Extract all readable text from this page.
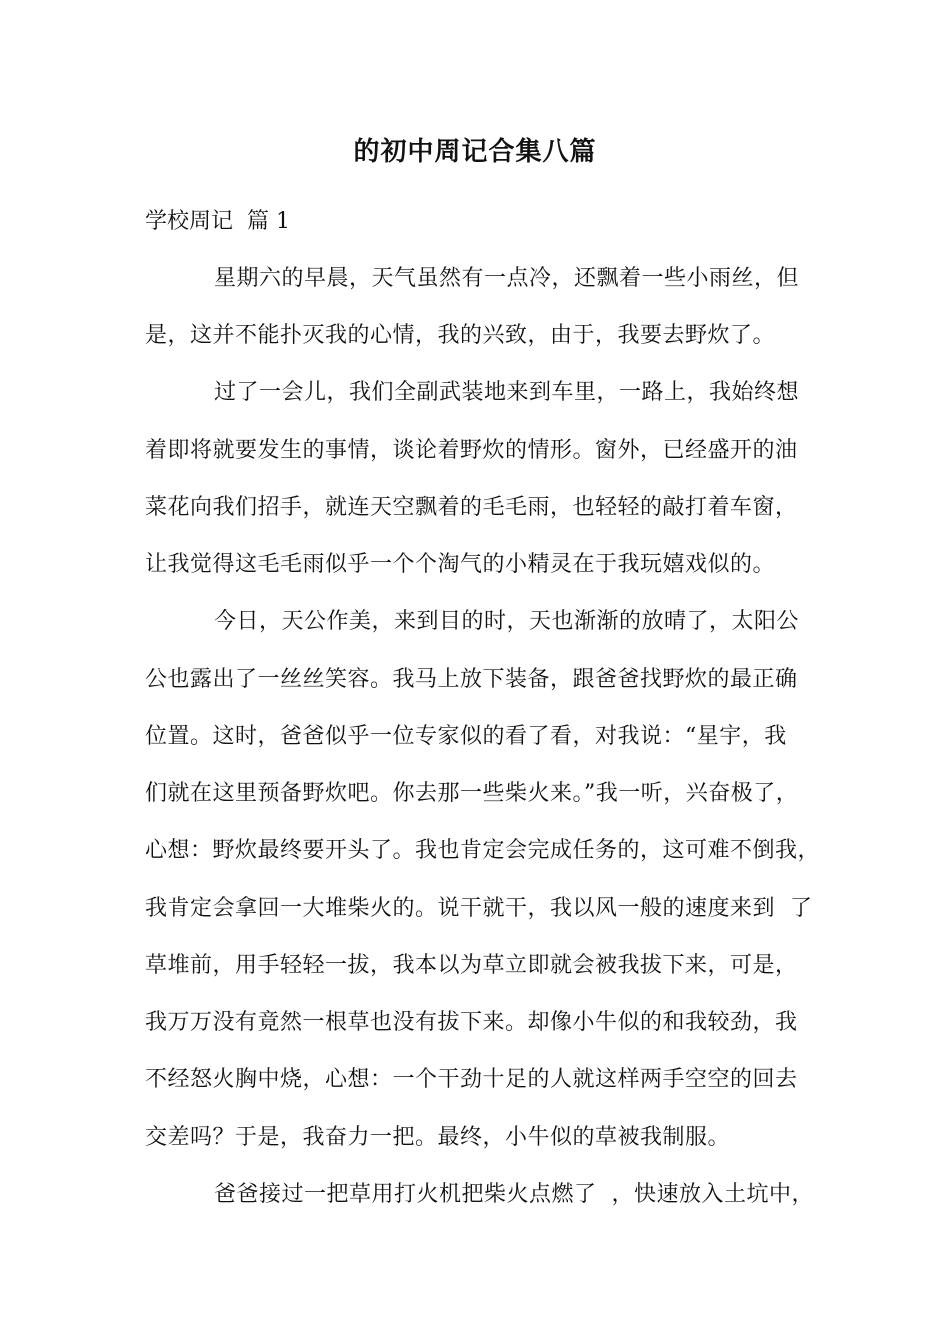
的初中周记合集八篇
学校周记  篇 1
星期六的早晨，天气虽然有一点冷，还飘着一些小雨丝，但
是，这并不能扑灭我的心情，我的兴致，由于，我要去野炊了。
过了一会儿，我们全副武装地来到车里，一路上，我始终想
着即将就要发生的事情，谈论着野炊的情形。窗外，已经盛开的油
菜花向我们招手，就连天空飘着的毛毛雨，也轻轻的敲打着车窗，
让我觉得这毛毛雨似乎一个个淘气的小精灵在于我玩嬉戏似的。
今日，天公作美，来到目的时，天也渐渐的放晴了，太阳公
公也露出了一丝丝笑容。我马上放下装备，跟爸爸找野炊的最正确
位置。这时，爸爸似乎一位专家似的看了看，对我说：“星宇，我
们就在这里预备野炊吧。你去那一些柴火来。”我一听，兴奋极了，
心想：野炊最终要开头了。我也肯定会完成任务的，这可难不倒我，
我肯定会拿回一大堆柴火的。说干就干，我以风一般的速度来到  了
草堆前，用手轻轻一拔，我本以为草立即就会被我拔下来，可是，
我万万没有竟然一根草也没有拔下来。却像小牛似的和我较劲，我
不经怒火胸中烧，心想：一个干劲十足的人就这样两手空空的回去
交差吗？于是，我奋力一把。最终，小牛似的草被我制服。
爸爸接过一把草用打火机把柴火点燃了  ，快速放入土坑中，
